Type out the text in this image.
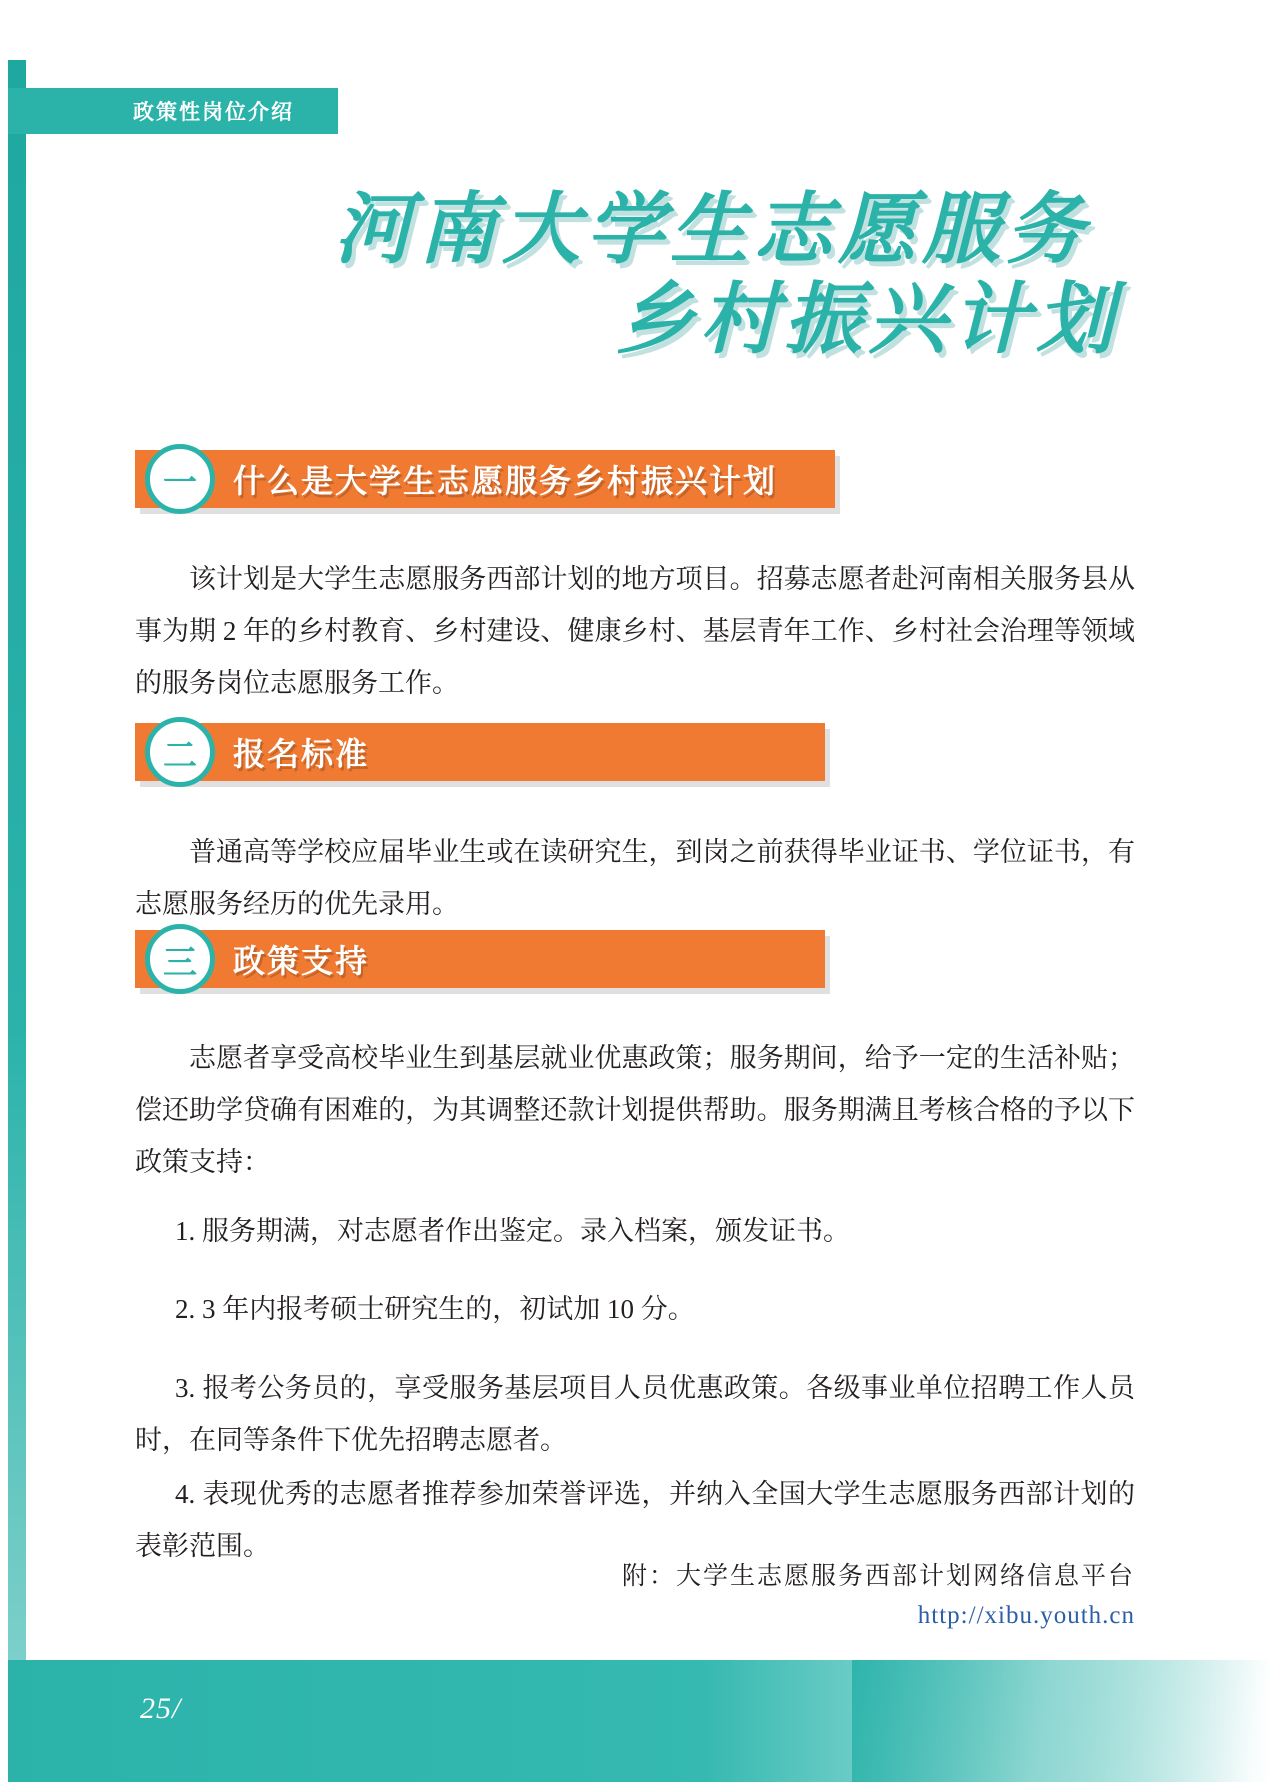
政策性岗位介绍
河南大学生志愿服务
乡村振兴计划
一	什么是大学生志愿服务乡村振兴计划
该计划是大学生志愿服务西部计划的地方项目。招募志愿者赴河南相关服务县从事为期 2 年的乡村教育、乡村建设、健康乡村、基层青年工作、乡村社会治理等领域的服务岗位志愿服务工作。
二	报名标准
普通高等学校应届毕业生或在读研究生，到岗之前获得毕业证书、学位证书，有志愿服务经历的优先录用。
三	政策支持
志愿者享受高校毕业生到基层就业优惠政策；服务期间，给予一定的生活补贴；偿还助学贷确有困难的，为其调整还款计划提供帮助。服务期满且考核合格的予以下政策支持：
1. 服务期满，对志愿者作出鉴定。录入档案，颁发证书。
2. 3 年内报考硕士研究生的，初试加 10 分。
3. 报考公务员的，享受服务基层项目人员优惠政策。各级事业单位招聘工作人员时，在同等条件下优先招聘志愿者。
4. 表现优秀的志愿者推荐参加荣誉评选，并纳入全国大学生志愿服务西部计划的表彰范围。
附：大学生志愿服务西部计划网络信息平台
http://xibu.youth.cn
25/
